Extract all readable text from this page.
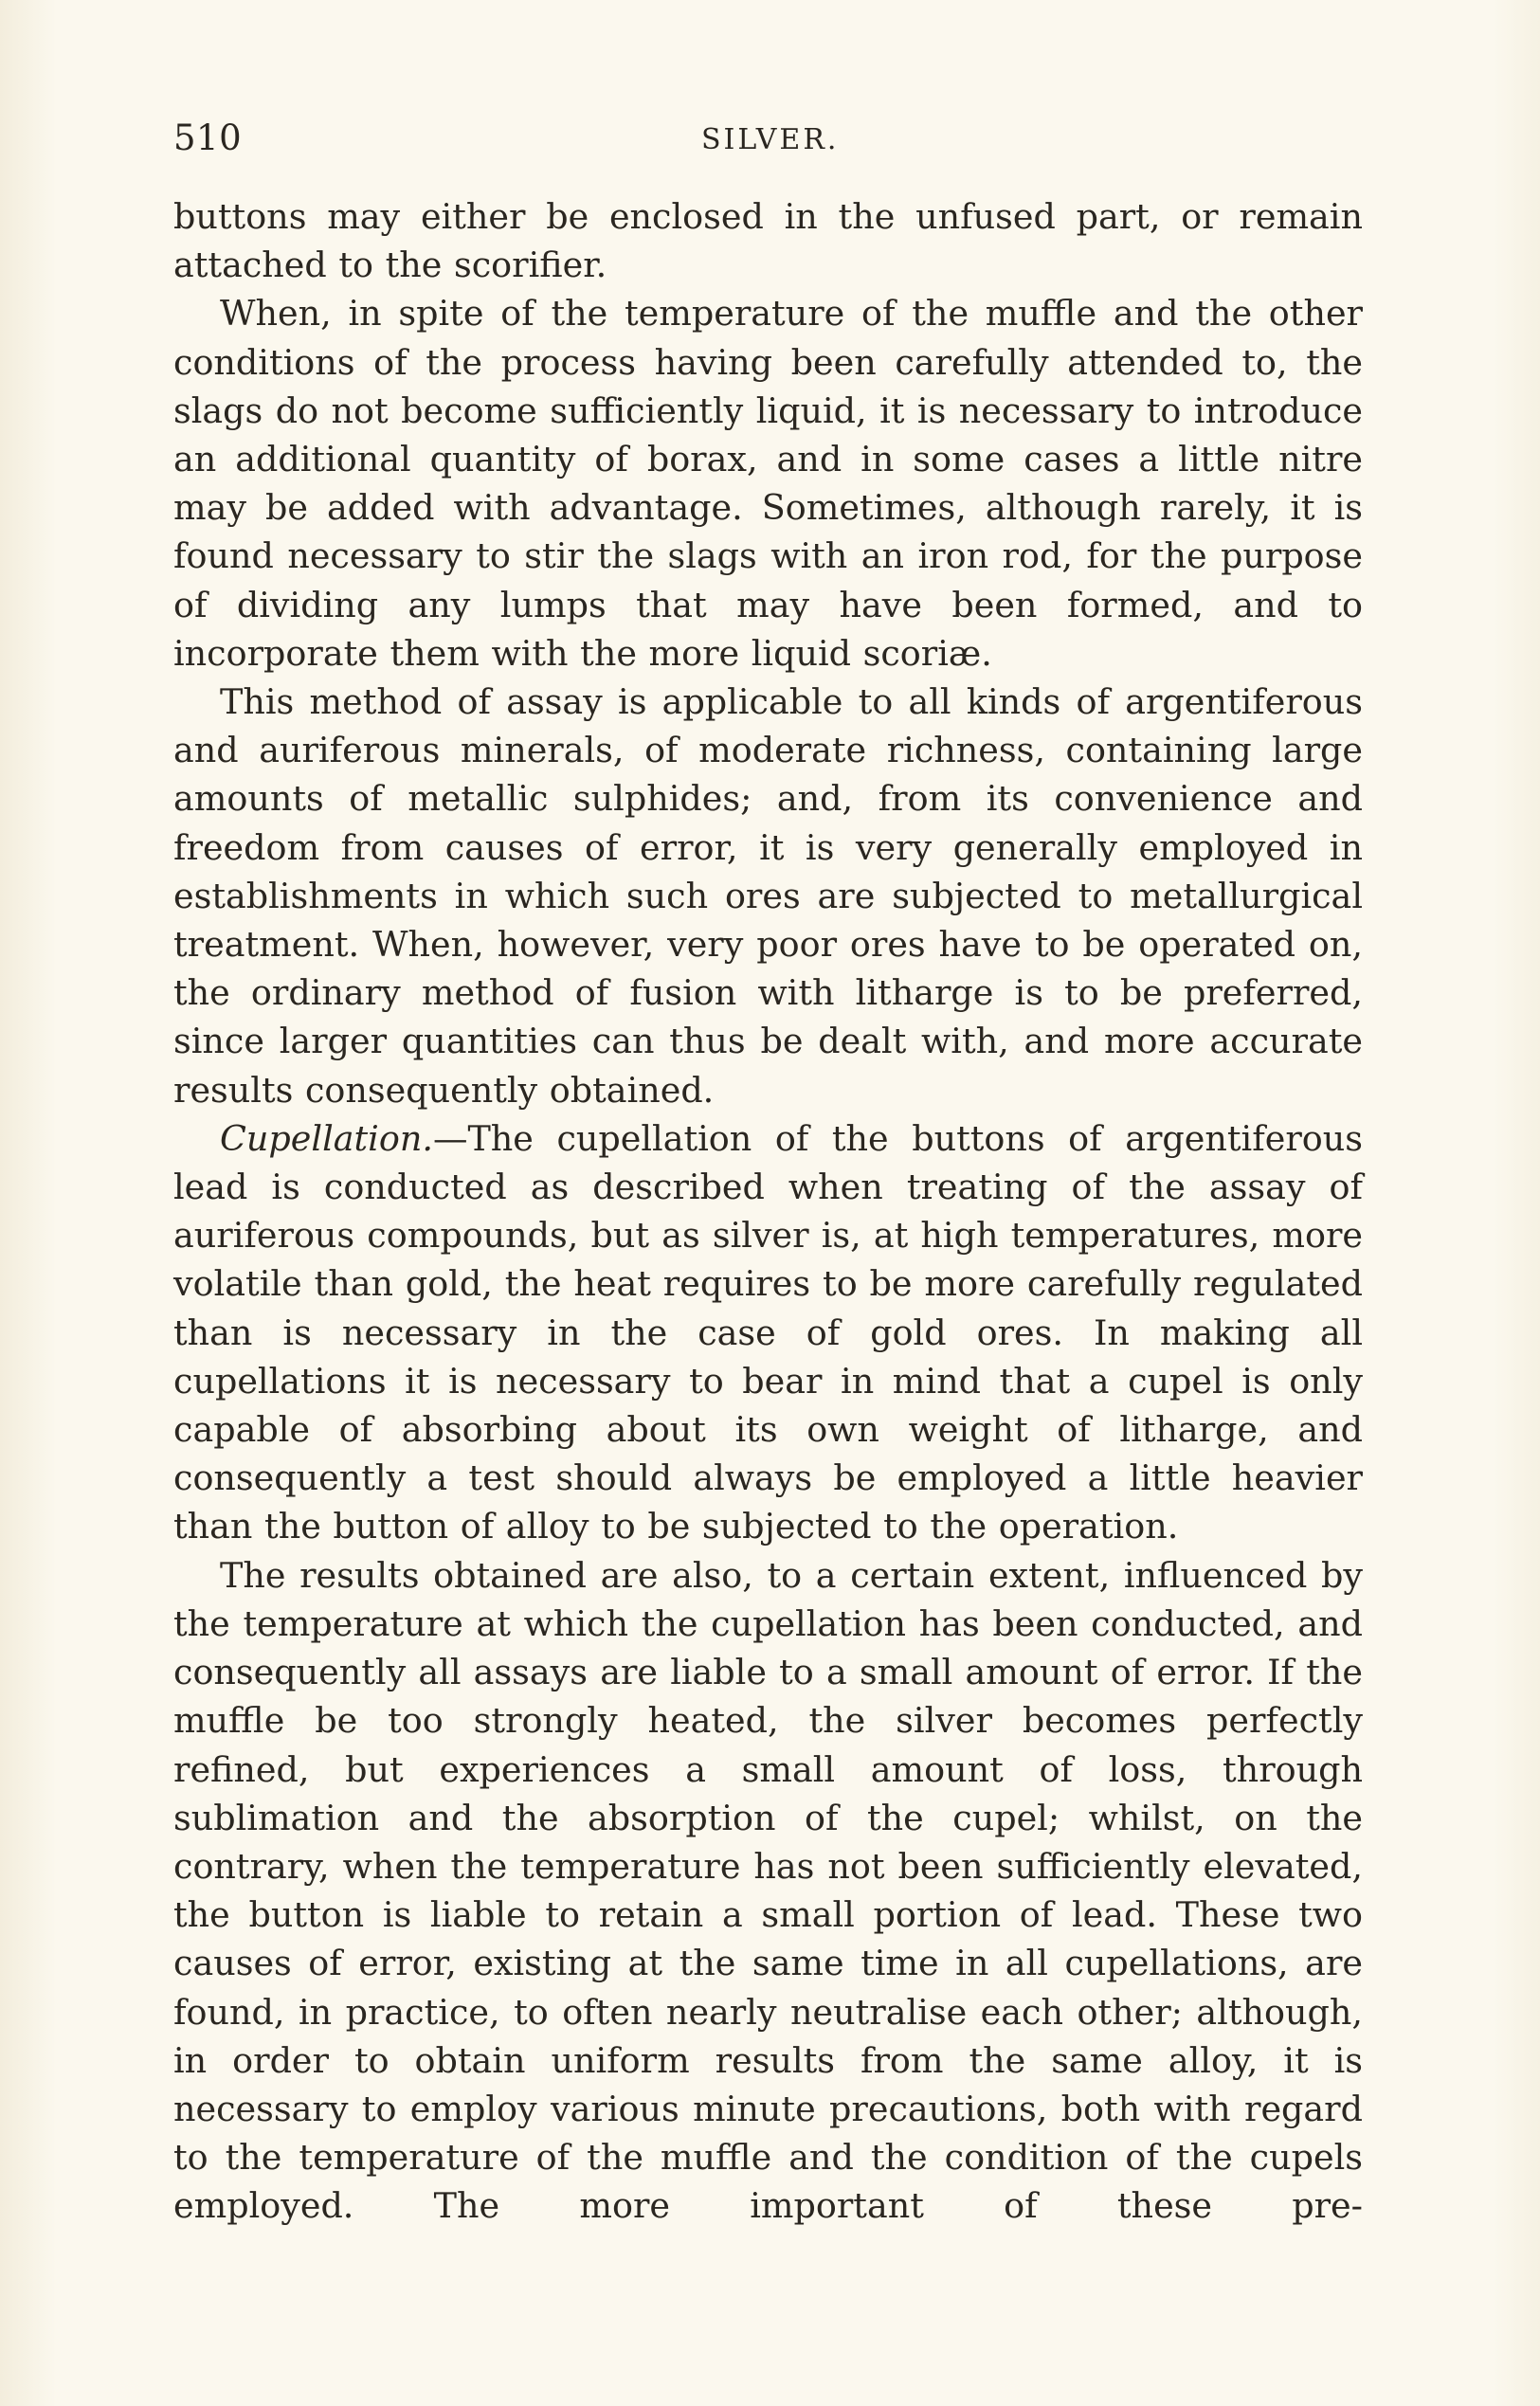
510	SILVER.

buttons may either be enclosed in the unfused part, or remain attached to the scorifier.

When, in spite of the temperature of the muffle and the other conditions of the process having been carefully attended to, the slags do not become sufficiently liquid, it is necessary to introduce an additional quantity of borax, and in some cases a little nitre may be added with advantage. Sometimes, although rarely, it is found necessary to stir the slags with an iron rod, for the purpose of dividing any lumps that may have been formed, and to incorporate them with the more liquid scoriæ.

This method of assay is applicable to all kinds of argentiferous and auriferous minerals, of moderate richness, containing large amounts of metallic sulphides; and, from its convenience and freedom from causes of error, it is very generally employed in establishments in which such ores are subjected to metallurgical treatment. When, however, very poor ores have to be operated on, the ordinary method of fusion with litharge is to be preferred, since larger quantities can thus be dealt with, and more accurate results consequently obtained.

Cupellation.—The cupellation of the buttons of argentiferous lead is conducted as described when treating of the assay of auriferous compounds, but as silver is, at high temperatures, more volatile than gold, the heat requires to be more carefully regulated than is necessary in the case of gold ores. In making all cupellations it is necessary to bear in mind that a cupel is only capable of absorbing about its own weight of litharge, and consequently a test should always be employed a little heavier than the button of alloy to be subjected to the operation.

The results obtained are also, to a certain extent, influenced by the temperature at which the cupellation has been conducted, and consequently all assays are liable to a small amount of error. If the muffle be too strongly heated, the silver becomes perfectly refined, but experiences a small amount of loss, through sublimation and the absorption of the cupel; whilst, on the contrary, when the temperature has not been sufficiently elevated, the button is liable to retain a small portion of lead. These two causes of error, existing at the same time in all cupellations, are found, in practice, to often nearly neutralise each other; although, in order to obtain uniform results from the same alloy, it is necessary to employ various minute precautions, both with regard to the temperature of the muffle and the condition of the cupels employed. The more important of these pre-
